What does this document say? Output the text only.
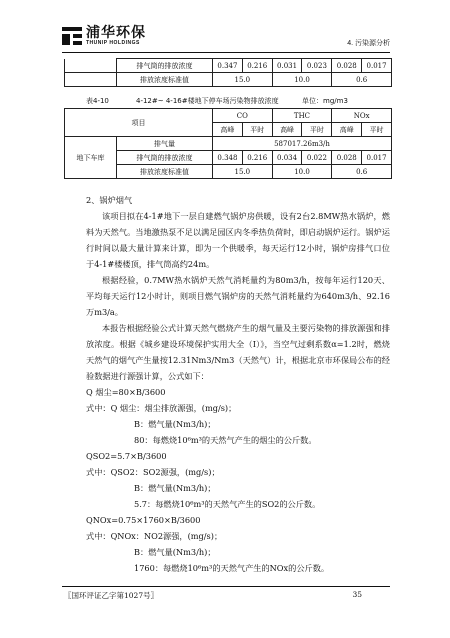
浦华环保
THUNIP HOLDINGS	4. 污染源分析
	排气筒的排放浓度	0.347	0.216	0.031	0.023	0.028	0.017
	排放浓度标准值	15.0		10.0		0.6	
表4-10	4-12#~ 4-16#楼地下停车场污染物排放浓度	单位：mg/m3
项目		CO		THC		NOx	
		高峰	平时	高峰	平时	高峰	平时
地下车库	排气量	587017.26m3/h					
	排气筒的排放浓度	0.348	0.216	0.034	0.022	0.028	0.017
	排放浓度标准值	15.0		10.0		0.6	
2、锅炉烟气
该项目拟在4-1#地下一层自建燃气锅炉房供暖，设有2台2.8MW热水锅炉，燃料为天然气。当地激热泵不足以满足园区内冬季热负荷时，即启动锅炉运行。锅炉运行时间以最大量计算来计算，即为一个供暖季，每天运行12小时，锅炉房排气口位于4-1#楼楼顶，排气筒高约24m。
根据经验，0.7MW热水锅炉天然气消耗量约为80m3/h，按每年运行120天、平均每天运行12小时计，则项目燃气锅炉房的天然气消耗量约为640m3/h、92.16万m3/a。
本报告根据经验公式计算天然气燃烧产生的烟气量及主要污染物的排放源强和排放浓度。根据《城乡建设环境保护实用大全（I）》，当空气过剩系数α=1.2时，燃烧天然气的烟气产生量按12.31Nm3/Nm3（天然气）计，根据北京市环保局公布的经验数据进行源强计算，公式如下：
Q 烟尘=80×B/3600
式中：Q 烟尘：烟尘排放源强，(mg/s)；
B：燃气量(Nm3/h)；
80：每燃烧10⁶m³的天然气产生的烟尘的公斤数。
QSO2=5.7×B/3600
式中：QSO2：SO2源强，(mg/s)；
B：燃气量(Nm3/h)；
5.7：每燃烧10⁶m³的天然气产生的SO2的公斤数。
QNOx=0.75×1760×B/3600
式中：QNOx：NO2源强，(mg/s)；
B：燃气量(Nm3/h)；
1760：每燃烧10⁶m³的天然气产生的NOx的公斤数。
〖国环评证乙字第1027号〗	35
